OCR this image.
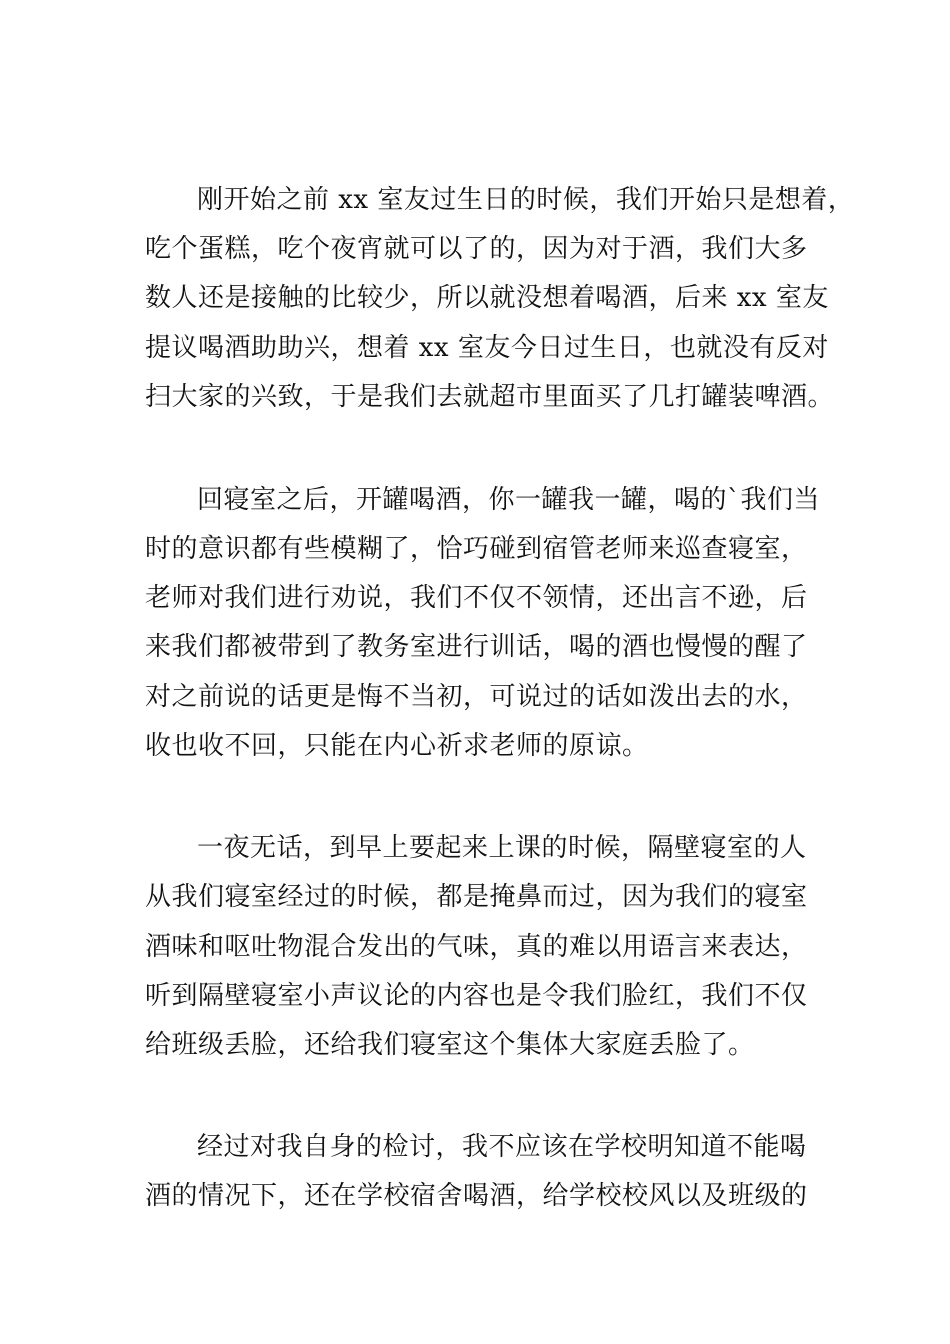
刚开始之前 xx 室友过生日的时候，我们开始只是想着，
吃个蛋糕，吃个夜宵就可以了的，因为对于酒，我们大多
数人还是接触的比较少，所以就没想着喝酒，后来 xx 室友
提议喝酒助助兴，想着 xx 室友今日过生日，也就没有反对
扫大家的兴致，于是我们去就超市里面买了几打罐装啤酒。
回寝室之后，开罐喝酒，你一罐我一罐，喝的`我们当
时的意识都有些模糊了，恰巧碰到宿管老师来巡查寝室，
老师对我们进行劝说，我们不仅不领情，还出言不逊，后
来我们都被带到了教务室进行训话，喝的酒也慢慢的醒了
对之前说的话更是悔不当初，可说过的话如泼出去的水，
收也收不回，只能在内心祈求老师的原谅。
一夜无话，到早上要起来上课的时候，隔壁寝室的人
从我们寝室经过的时候，都是掩鼻而过，因为我们的寝室
酒味和呕吐物混合发出的气味，真的难以用语言来表达，
听到隔壁寝室小声议论的内容也是令我们脸红，我们不仅
给班级丢脸，还给我们寝室这个集体大家庭丢脸了。
经过对我自身的检讨，我不应该在学校明知道不能喝
酒的情况下，还在学校宿舍喝酒，给学校校风以及班级的
